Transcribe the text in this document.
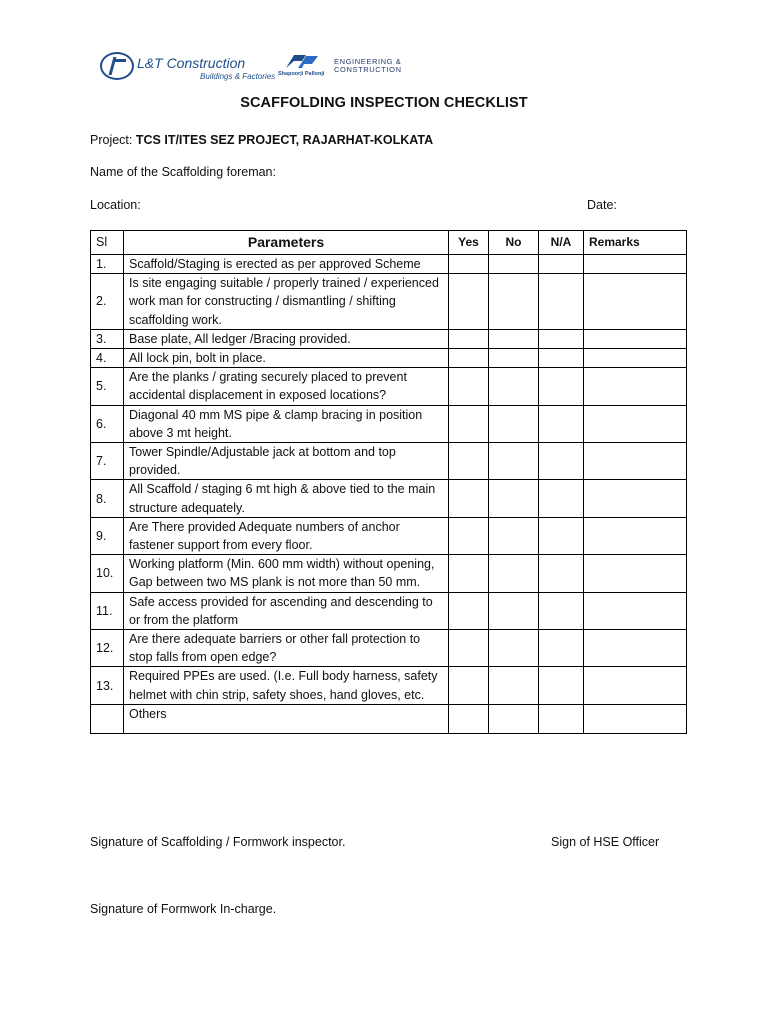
L&T Construction
Buildings & Factories Shapoorji Pallonji
ENGINEERING &
CONSTRUCTION
SCAFFOLDING INSPECTION CHECKLIST
Project: TCS IT/ITES SEZ PROJECT, RAJARHAT-KOLKATA
Name of the Scaffolding foreman:
Location:	Date:
Sl	Parameters	Yes	No	N/A	Remarks
1.	Scaffold/Staging is erected as per approved Scheme				
2.	Is site engaging suitable / properly trained / experienced work man for constructing / dismantling / shifting scaffolding work.				
3.	Base plate, All ledger /Bracing provided.				
4.	All lock pin, bolt in place.				
5.	Are the planks / grating securely placed to prevent accidental displacement in exposed locations?				
6.	Diagonal 40 mm MS pipe & clamp bracing in position above 3 mt height.				
7.	Tower Spindle/Adjustable jack at bottom and top provided.				
8.	All Scaffold / staging 6 mt high & above tied to the main structure adequately.				
9.	Are There provided Adequate numbers of anchor fastener support from every floor.				
10.	Working platform (Min. 600 mm width) without opening, Gap between two MS plank is not more than 50 mm.				
11.	Safe access provided for ascending and descending to or from the platform				
12.	Are there adequate barriers or other fall protection to stop falls from open edge?				
13.	Required PPEs are used. (I.e. Full body harness, safety helmet with chin strip, safety shoes, hand gloves, etc.				
	Others				
Signature of Scaffolding / Formwork inspector.	Sign of HSE Officer
Signature of Formwork In-charge.
